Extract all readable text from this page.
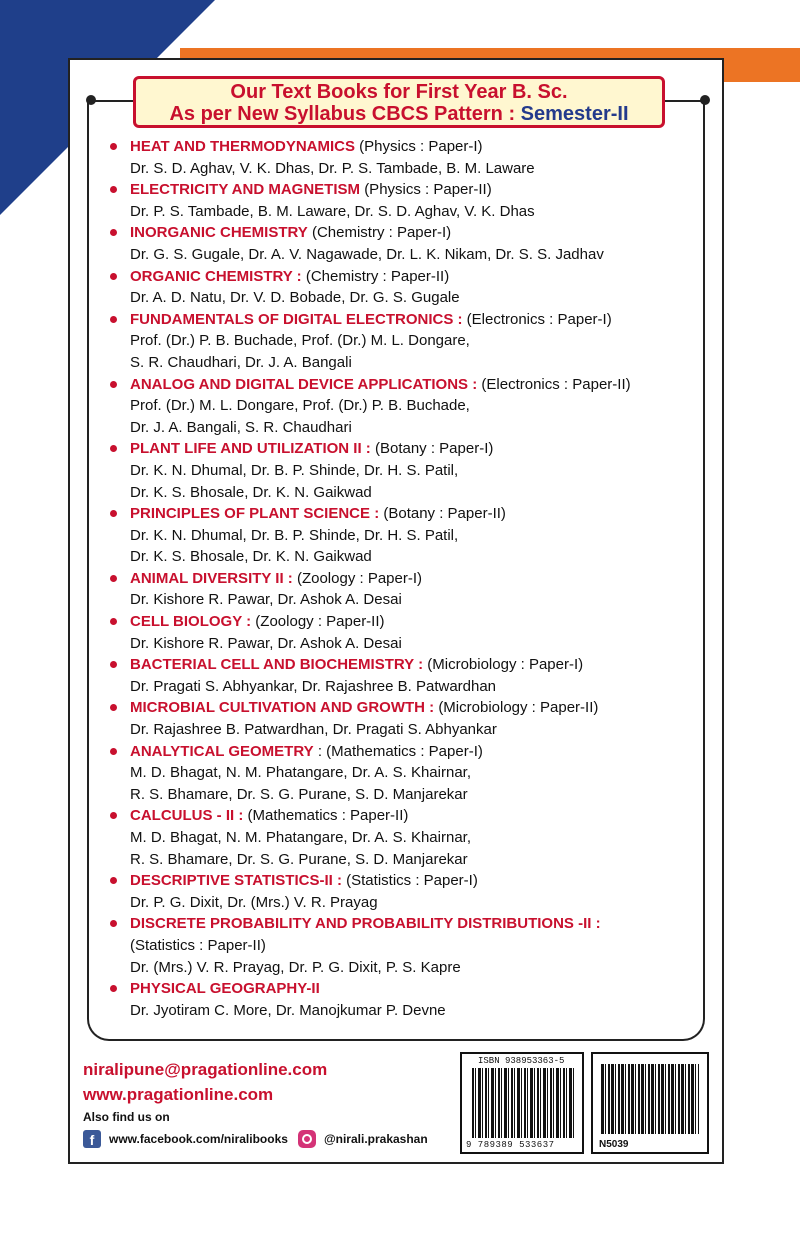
Our Text Books for First Year B. Sc.
As per New Syllabus CBCS Pattern : Semester-II
HEAT AND THERMODYNAMICS (Physics : Paper-I)
Dr. S. D. Aghav, V. K. Dhas, Dr. P. S. Tambade, B. M. Laware
ELECTRICITY AND MAGNETISM (Physics : Paper-II)
Dr. P. S. Tambade, B. M. Laware, Dr. S. D. Aghav, V. K. Dhas
INORGANIC CHEMISTRY (Chemistry : Paper-I)
Dr. G. S. Gugale, Dr. A. V. Nagawade, Dr. L. K. Nikam, Dr. S. S. Jadhav
ORGANIC CHEMISTRY : (Chemistry : Paper-II)
Dr. A. D. Natu, Dr. V. D. Bobade, Dr. G. S. Gugale
FUNDAMENTALS OF DIGITAL ELECTRONICS : (Electronics : Paper-I)
Prof. (Dr.) P. B. Buchade, Prof. (Dr.) M. L. Dongare,
S. R. Chaudhari, Dr. J. A. Bangali
ANALOG AND DIGITAL DEVICE APPLICATIONS : (Electronics : Paper-II)
Prof. (Dr.) M. L. Dongare, Prof. (Dr.) P. B. Buchade,
Dr. J. A. Bangali, S. R. Chaudhari
PLANT LIFE AND UTILIZATION II : (Botany : Paper-I)
Dr. K. N. Dhumal, Dr. B. P. Shinde, Dr. H. S. Patil,
Dr. K. S. Bhosale, Dr. K. N. Gaikwad
PRINCIPLES OF PLANT SCIENCE : (Botany : Paper-II)
Dr. K. N. Dhumal, Dr. B. P. Shinde, Dr. H. S. Patil,
Dr. K. S. Bhosale, Dr. K. N. Gaikwad
ANIMAL DIVERSITY II : (Zoology : Paper-I)
Dr. Kishore R. Pawar, Dr. Ashok A. Desai
CELL BIOLOGY : (Zoology : Paper-II)
Dr. Kishore R. Pawar, Dr. Ashok A. Desai
BACTERIAL CELL AND BIOCHEMISTRY : (Microbiology : Paper-I)
Dr. Pragati S. Abhyankar, Dr. Rajashree B. Patwardhan
MICROBIAL CULTIVATION AND GROWTH : (Microbiology : Paper-II)
Dr. Rajashree B. Patwardhan, Dr. Pragati S. Abhyankar
ANALYTICAL GEOMETRY : (Mathematics : Paper-I)
M. D. Bhagat, N. M. Phatangare, Dr. A. S. Khairnar,
R. S. Bhamare, Dr. S. G. Purane, S. D. Manjarekar
CALCULUS - II : (Mathematics : Paper-II)
M. D. Bhagat, N. M. Phatangare, Dr. A. S. Khairnar,
R. S. Bhamare, Dr. S. G. Purane, S. D. Manjarekar
DESCRIPTIVE STATISTICS-II : (Statistics : Paper-I)
Dr. P. G. Dixit, Dr. (Mrs.) V. R. Prayag
DISCRETE PROBABILITY AND PROBABILITY DISTRIBUTIONS -II :
(Statistics : Paper-II)
Dr. (Mrs.) V. R. Prayag, Dr. P. G. Dixit, P. S. Kapre
PHYSICAL GEOGRAPHY-II
Dr. Jyotiram C. More, Dr. Manojkumar P. Devne
niralipune@pragationline.com
www.pragationline.com
Also find us on
f	www.facebook.com/niralibooks	@nirali.prakashan
ISBN 938953363-5
9 789389 533637	N5039
